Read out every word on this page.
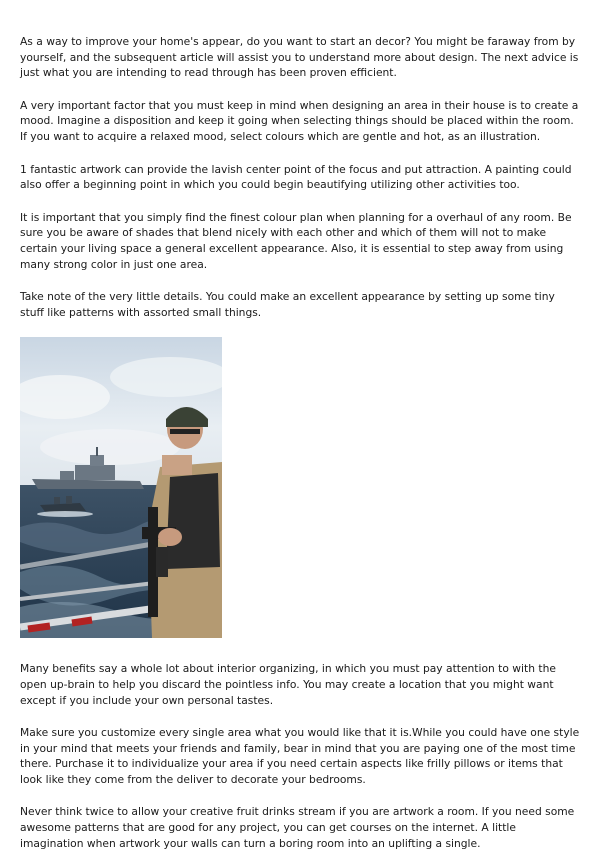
As a way to improve your home's appear, do you want to start an decor? You might be faraway from by yourself, and the subsequent article will assist you to understand more about design. The next advice is just what you are intending to read through has been proven efficient.

A very important factor that you must keep in mind when designing an area in their house is to create a mood. Imagine a disposition and keep it going when selecting things should be placed within the room. If you want to acquire a relaxed mood, select colours which are gentle and hot, as an illustration.

1 fantastic artwork can provide the lavish center point of the focus and put attraction. A painting could also offer a beginning point in which you could begin beautifying utilizing other activities too.

It is important that you simply find the finest colour plan when planning for a overhaul of any room. Be sure you be aware of shades that blend nicely with each other and which of them will not to make certain your living space a general excellent appearance. Also, it is essential to step away from using many strong color in just one area.

Take note of the very little details. You could make an excellent appearance by setting up some tiny stuff like patterns with assorted small things.

Many benefits say a whole lot about interior organizing, in which you must pay attention to with the open up-brain to help you discard the pointless info. You may create a location that you might want except if you include your own personal tastes.

Make sure you customize every single area what you would like that it is.While you could have one style in your mind that meets your friends and family, bear in mind that you are paying one of the most time there. Purchase it to individualize your area if you need certain aspects like frilly pillows or items that look like they come from the deliver to decorate your bedrooms.

Never think twice to allow your creative fruit drinks stream if you are artwork a room. If you need some awesome patterns that are good for any project, you can get courses on the internet. A little imagination when artwork your walls can turn a boring room into an uplifting a single.
